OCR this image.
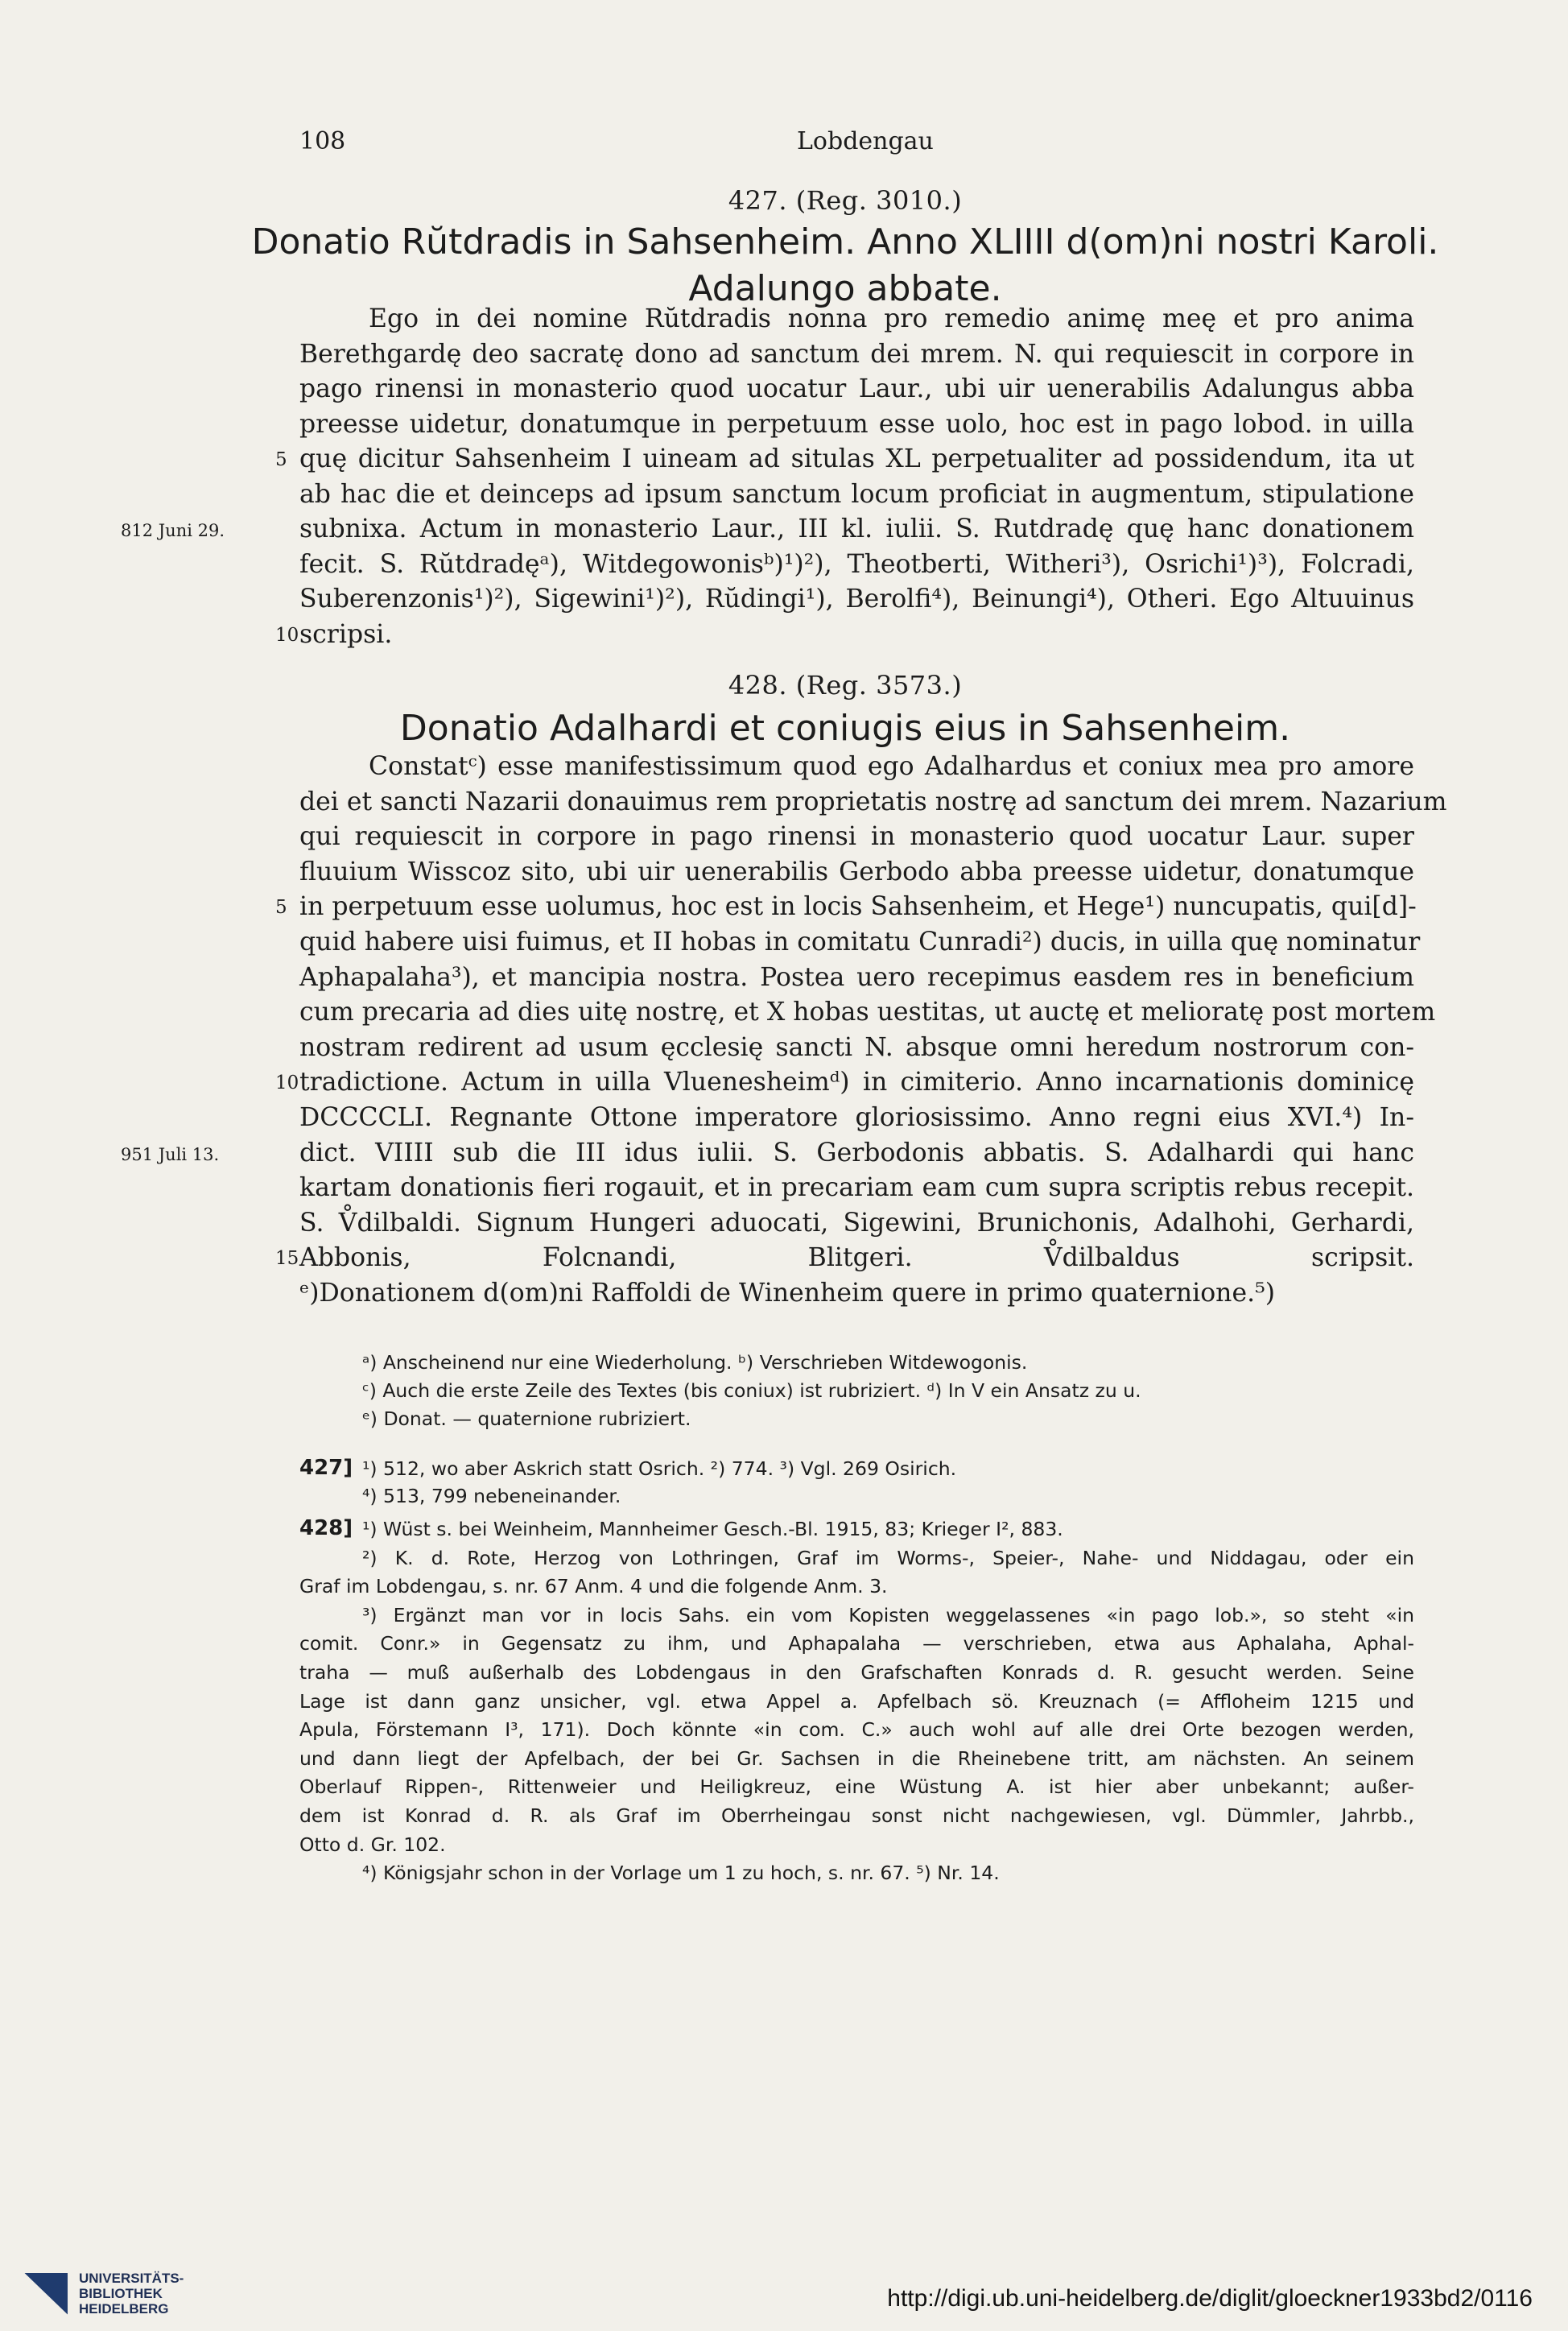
108	Lobdengau
427. (Reg. 3010.)
Donatio Rŭtdradis in Sahsenheim. Anno XLIIII d(om)ni nostri Karoli.
Adalungo abbate.
Ego in dei nomine Rŭtdradis nonna pro remedio animę meę et pro anima
Berethgardę deo sacratę dono ad sanctum dei mrem. N. qui requiescit in corpore in
pago rinensi in monasterio quod uocatur Laur., ubi uir uenerabilis Adalungus abba
preesse uidetur, donatumque in perpetuum esse uolo, hoc est in pago lobod. in uilla
quę dicitur Sahsenheim I uineam ad situlas XL perpetualiter ad possidendum, ita ut
ab hac die et deinceps ad ipsum sanctum locum proficiat in augmentum, stipulatione
subnixa. Actum in monasterio Laur., III kl. iulii. S. Rutdradę quę hanc donationem
fecit. S. Rŭtdradęᵃ), Witdegowonisᵇ)¹)²), Theotberti, Witheri³), Osrichi¹)³), Folcradi,
Suberenzonis¹)²), Sigewini¹)²), Rŭdingi¹), Berolfi⁴), Beinungi⁴), Otheri. Ego Altuuinus
scripsi.
5
10
812 Juni 29.
428. (Reg. 3573.)
Donatio Adalhardi et coniugis eius in Sahsenheim.
Constatᶜ) esse manifestissimum quod ego Adalhardus et coniux mea pro amore
dei et sancti Nazarii donauimus rem proprietatis nostrę ad sanctum dei mrem. Nazarium
qui requiescit in corpore in pago rinensi in monasterio quod uocatur Laur. super
fluuium Wisscoz sito, ubi uir uenerabilis Gerbodo abba preesse uidetur, donatumque
in perpetuum esse uolumus, hoc est in locis Sahsenheim, et Hege¹) nuncupatis, qui[d]-
quid habere uisi fuimus, et II hobas in comitatu Cunradi²) ducis, in uilla quę nominatur
Aphapalaha³), et mancipia nostra. Postea uero recepimus easdem res in beneficium
cum precaria ad dies uitę nostrę, et X hobas uestitas, ut auctę et melioratę post mortem
nostram redirent ad usum ęcclesię sancti N. absque omni heredum nostrorum con-
tradictione. Actum in uilla Vluenesheimᵈ) in cimiterio. Anno incarnationis dominicę
DCCCCLI. Regnante Ottone imperatore gloriosissimo. Anno regni eius XVI.⁴) In-
dict. VIIII sub die III idus iulii. S. Gerbodonis abbatis. S. Adalhardi qui hanc
kartam donationis fieri rogauit, et in precariam eam cum supra scriptis rebus recepit.
S. V̊dilbaldi. Signum Hungeri aduocati, Sigewini, Brunichonis, Adalhohi, Gerhardi,
Abbonis, Folcnandi, Blitgeri. V̊dilbaldus scripsit.
ᵉ)Donationem d(om)ni Raffoldi de Winenheim quere in primo quaternione.⁵)
5
10
15
951 Juli 13.
ᵃ) Anscheinend nur eine Wiederholung. ᵇ) Verschrieben Witdewogonis.
ᶜ) Auch die erste Zeile des Textes (bis coniux) ist rubriziert. ᵈ) In V ein Ansatz zu u.
ᵉ) Donat. — quaternione rubriziert.
427] ¹) 512, wo aber Askrich statt Osrich. ²) 774. ³) Vgl. 269 Osirich.
⁴) 513, 799 nebeneinander.
428] ¹) Wüst s. bei Weinheim, Mannheimer Gesch.-Bl. 1915, 83; Krieger I², 883.
²) K. d. Rote, Herzog von Lothringen, Graf im Worms-, Speier-, Nahe- und Niddagau, oder ein
Graf im Lobdengau, s. nr. 67 Anm. 4 und die folgende Anm. 3.
³) Ergänzt man vor in locis Sahs. ein vom Kopisten weggelassenes «in pago lob.», so steht «in
comit. Conr.» in Gegensatz zu ihm, und Aphapalaha — verschrieben, etwa aus Aphalaha, Aphal-
traha — muß außerhalb des Lobdengaus in den Grafschaften Konrads d. R. gesucht werden. Seine
Lage ist dann ganz unsicher, vgl. etwa Appel a. Apfelbach sö. Kreuznach (= Affloheim 1215 und
Apula, Förstemann I³, 171). Doch könnte «in com. C.» auch wohl auf alle drei Orte bezogen werden,
und dann liegt der Apfelbach, der bei Gr. Sachsen in die Rheinebene tritt, am nächsten. An seinem
Oberlauf Rippen-, Rittenweier und Heiligkreuz, eine Wüstung A. ist hier aber unbekannt; außer-
dem ist Konrad d. R. als Graf im Oberrheingau sonst nicht nachgewiesen, vgl. Dümmler, Jahrbb.,
Otto d. Gr. 102.
⁴) Königsjahr schon in der Vorlage um 1 zu hoch, s. nr. 67. ⁵) Nr. 14.
UNIVERSITÄTS-
BIBLIOTHEK
HEIDELBERG	http://digi.ub.uni-heidelberg.de/diglit/gloeckner1933bd2/0116
